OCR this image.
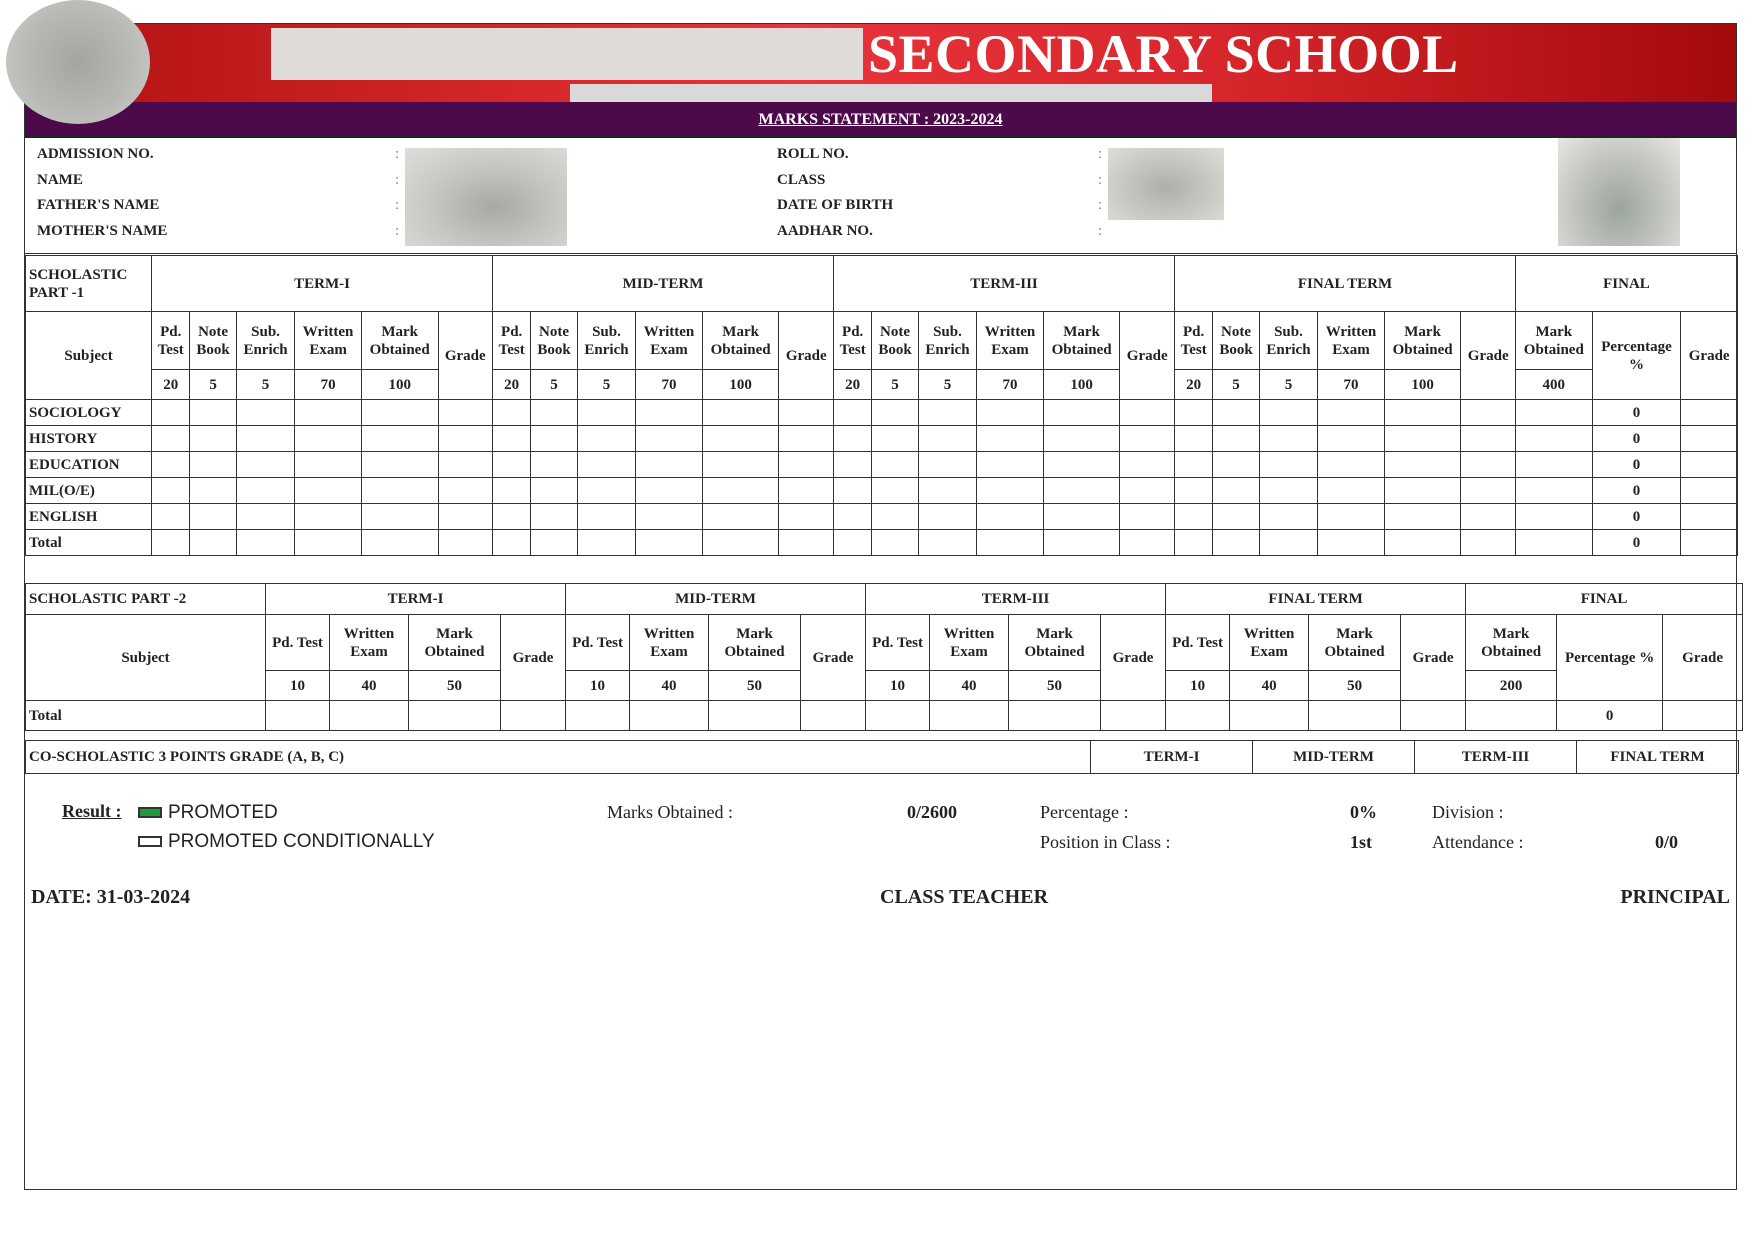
SECONDARY SCHOOL
MARKS STATEMENT : 2023-2024
ADMISSION NO.
NAME
FATHER'S NAME
MOTHER'S NAME
:
:
:
:
ROLL NO.
CLASS
DATE OF BIRTH
AADHAR NO.
:
:
:
:
SCHOLASTIC PART -1	TERM-I						MID-TERM						TERM-III						FINAL TERM						FINAL		
Subject	Pd. Test	Note Book	Sub. Enrich	Written Exam	Mark Obtained	Grade	Pd. Test	Note Book	Sub. Enrich	Written Exam	Mark Obtained	Grade	Pd. Test	Note Book	Sub. Enrich	Written Exam	Mark Obtained	Grade	Pd. Test	Note Book	Sub. Enrich	Written Exam	Mark Obtained	Grade	Mark Obtained	Percentage %	Grade
	20	5	5	70	100		20	5	5	70	100		20	5	5	70	100		20	5	5	70	100		400		
SOCIOLOGY																										0	
HISTORY																										0	
EDUCATION																										0	
MIL(O/E)																										0	
ENGLISH																										0	
Total																										0	
SCHOLASTIC PART -2	TERM-I				MID-TERM				TERM-III				FINAL TERM				FINAL		
Subject	Pd. Test	Written Exam	Mark Obtained	Grade	Pd. Test	Written Exam	Mark Obtained	Grade	Pd. Test	Written Exam	Mark Obtained	Grade	Pd. Test	Written Exam	Mark Obtained	Grade	Mark Obtained	Percentage %	Grade
	10	40	50		10	40	50		10	40	50		10	40	50		200		
Total																		0	
CO-SCHOLASTIC 3 POINTS GRADE (A, B, C)	TERM-I	MID-TERM	TERM-III	FINAL TERM
Result :	PROMOTED
PROMOTED CONDITIONALLY
Marks Obtained :	0/2600	Percentage :	0%
Position in Class :	1st
Division :
Attendance :	0/0
DATE: 31-03-2024	CLASS TEACHER	PRINCIPAL
